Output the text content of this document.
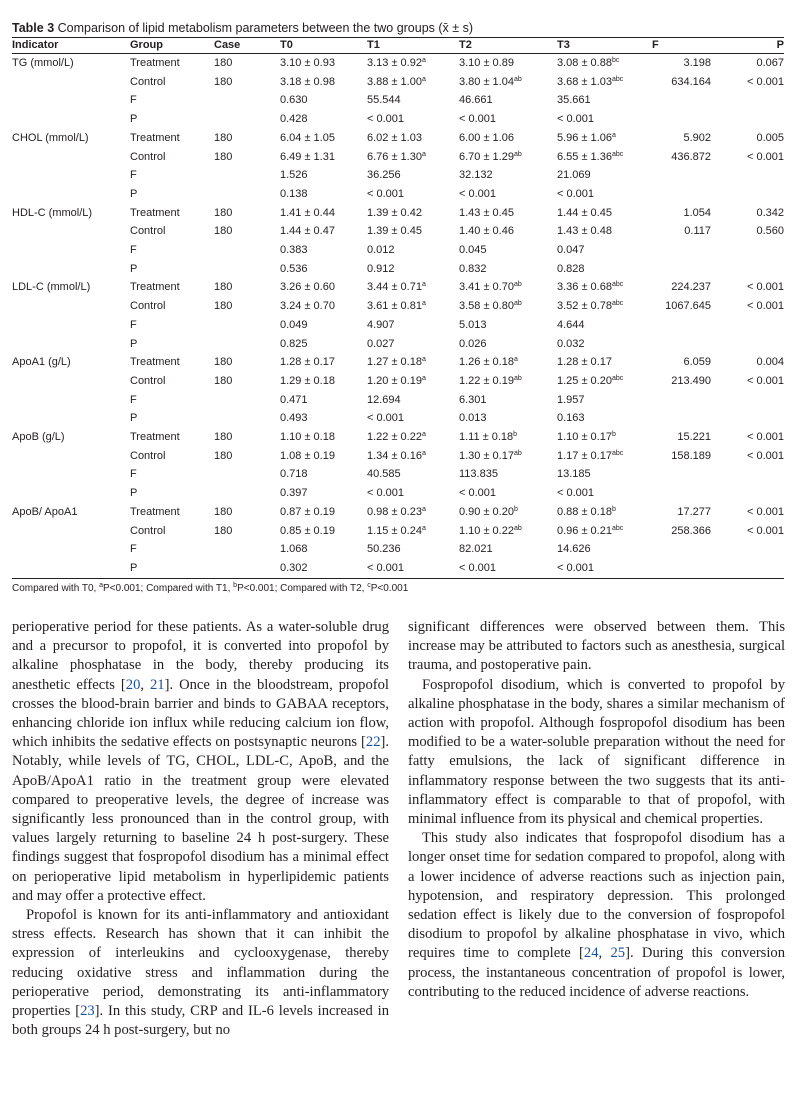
Table 3 Comparison of lipid metabolism parameters between the two groups (x̄ ± s)
Indicator	Group	Case	T0	T1	T2	T3	F	P
TG (mmol/L)	Treatment	180	3.10 ± 0.93	3.13 ± 0.92$^a$	3.10 ± 0.89	3.08 ± 0.88$^{bc}$	3.198	0.067
	Control	180	3.18 ± 0.98	3.88 ± 1.00$^a$	3.80 ± 1.04$^{ab}$	3.68 ± 1.03$^{abc}$	634.164	< 0.001
	F		0.630	55.544	46.661	35.661		
	P		0.428	< 0.001	< 0.001	< 0.001		
CHOL (mmol/L)	Treatment	180	6.04 ± 1.05	6.02 ± 1.03	6.00 ± 1.06	5.96 ± 1.06$^a$	5.902	0.005
	Control	180	6.49 ± 1.31	6.76 ± 1.30$^a$	6.70 ± 1.29$^{ab}$	6.55 ± 1.36$^{abc}$	436.872	< 0.001
	F		1.526	36.256	32.132	21.069		
	P		0.138	< 0.001	< 0.001	< 0.001		
HDL-C (mmol/L)	Treatment	180	1.41 ± 0.44	1.39 ± 0.42	1.43 ± 0.45	1.44 ± 0.45	1.054	0.342
	Control	180	1.44 ± 0.47	1.39 ± 0.45	1.40 ± 0.46	1.43 ± 0.48	0.117	0.560
	F		0.383	0.012	0.045	0.047		
	P		0.536	0.912	0.832	0.828		
LDL-C (mmol/L)	Treatment	180	3.26 ± 0.60	3.44 ± 0.71$^a$	3.41 ± 0.70$^{ab}$	3.36 ± 0.68$^{abc}$	224.237	< 0.001
	Control	180	3.24 ± 0.70	3.61 ± 0.81$^a$	3.58 ± 0.80$^{ab}$	3.52 ± 0.78$^{abc}$	1067.645	< 0.001
	F		0.049	4.907	5.013	4.644		
	P		0.825	0.027	0.026	0.032		
ApoA1 (g/L)	Treatment	180	1.28 ± 0.17	1.27 ± 0.18$^a$	1.26 ± 0.18$^a$	1.28 ± 0.17	6.059	0.004
	Control	180	1.29 ± 0.18	1.20 ± 0.19$^a$	1.22 ± 0.19$^{ab}$	1.25 ± 0.20$^{abc}$	213.490	< 0.001
	F		0.471	12.694	6.301	1.957		
	P		0.493	< 0.001	0.013	0.163		
ApoB (g/L)	Treatment	180	1.10 ± 0.18	1.22 ± 0.22$^a$	1.11 ± 0.18$^b$	1.10 ± 0.17$^b$	15.221	< 0.001
	Control	180	1.08 ± 0.19	1.34 ± 0.16$^a$	1.30 ± 0.17$^{ab}$	1.17 ± 0.17$^{abc}$	158.189	< 0.001
	F		0.718	40.585	113.835	13.185		
	P		0.397	< 0.001	< 0.001	< 0.001		
ApoB/ ApoA1	Treatment	180	0.87 ± 0.19	0.98 ± 0.23$^a$	0.90 ± 0.20$^b$	0.88 ± 0.18$^b$	17.277	< 0.001
	Control	180	0.85 ± 0.19	1.15 ± 0.24$^a$	1.10 ± 0.22$^{ab}$	0.96 ± 0.21$^{abc}$	258.366	< 0.001
	F		1.068	50.236	82.021	14.626		
	P		0.302	< 0.001	< 0.001	< 0.001		
Compared with T0, $^a$P<0.001; Compared with T1, $^b$P<0.001; Compared with T2, $^c$P<0.001

perioperative period for these patients. As a water-soluble drug and a precursor to propofol, it is converted into propofol by alkaline phosphatase in the body, thereby producing its anesthetic effects [20, 21]. Once in the bloodstream, propofol crosses the blood-brain barrier and binds to GABAA receptors, enhancing chloride ion influx while reducing calcium ion flow, which inhibits the sedative effects on postsynaptic neurons [22]. Notably, while levels of TG, CHOL, LDL-C, ApoB, and the ApoB/ApoA1 ratio in the treatment group were elevated compared to preoperative levels, the degree of increase was significantly less pronounced than in the control group, with values largely returning to baseline 24 h post-surgery. These findings suggest that fospropofol disodium has a minimal effect on perioperative lipid metabolism in hyperlipidemic patients and may offer a protective effect.

Propofol is known for its anti-inflammatory and antioxidant stress effects. Research has shown that it can inhibit the expression of interleukins and cyclooxygenase, thereby reducing oxidative stress and inflammation during the perioperative period, demonstrating its anti-inflammatory properties [23]. In this study, CRP and IL-6 levels increased in both groups 24 h post-surgery, but no

significant differences were observed between them. This increase may be attributed to factors such as anesthesia, surgical trauma, and postoperative pain.

Fospropofol disodium, which is converted to propofol by alkaline phosphatase in the body, shares a similar mechanism of action with propofol. Although fospropofol disodium has been modified to be a water-soluble preparation without the need for fatty emulsions, the lack of significant difference in inflammatory response between the two suggests that its anti-inflammatory effect is comparable to that of propofol, with minimal influence from its physical and chemical properties.

This study also indicates that fospropofol disodium has a longer onset time for sedation compared to propofol, along with a lower incidence of adverse reactions such as injection pain, hypotension, and respiratory depression. This prolonged sedation effect is likely due to the conversion of fospropofol disodium to propofol by alkaline phosphatase in vivo, which requires time to complete [24, 25]. During this conversion process, the instantaneous concentration of propofol is lower, contributing to the reduced incidence of adverse reactions.
